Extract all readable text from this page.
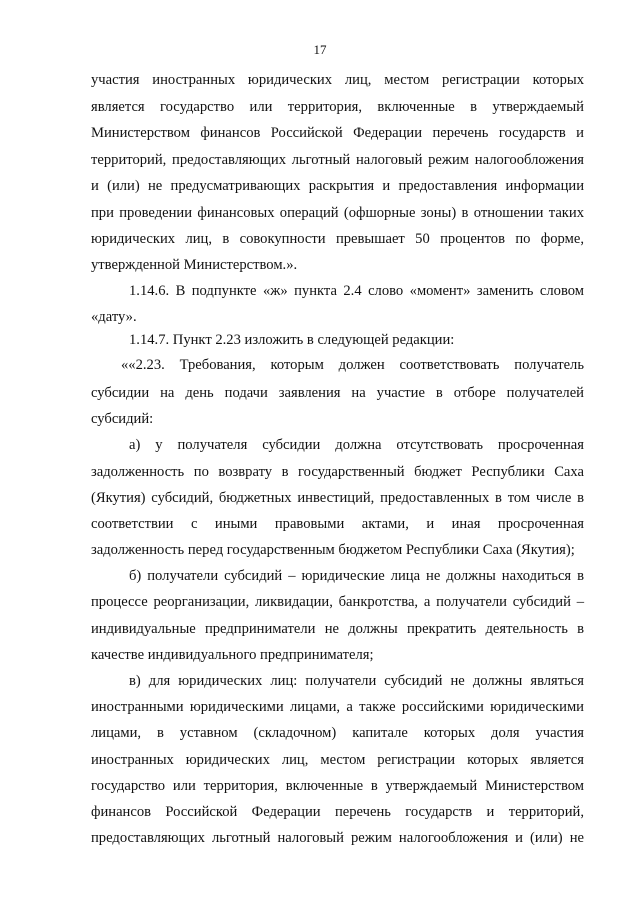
17
участия иностранных юридических лиц, местом регистрации которых
является государство или территория, включенные в утверждаемый
Министерством финансов Российской Федерации перечень государств и
территорий, предоставляющих льготный налоговый режим налогообложения
и (или) не предусматривающих раскрытия и предоставления информации
при проведении финансовых операций (офшорные зоны) в отношении таких
юридических лиц, в совокупности превышает 50 процентов по форме,
утвержденной Министерством.».
1.14.6. В подпункте «ж» пункта 2.4 слово «момент» заменить словом
«дату».
1.14.7. Пункт 2.23 изложить в следующей редакции:
««2.23. Требования, которым должен соответствовать получатель
субсидии на день подачи заявления на участие в отборе получателей
субсидий:
а) у получателя субсидии должна отсутствовать просроченная
задолженность по возврату в государственный бюджет Республики Саха
(Якутия) субсидий, бюджетных инвестиций, предоставленных в том числе в
соответствии с иными правовыми актами, и иная просроченная
задолженность перед государственным бюджетом Республики Саха (Якутия);
б) получатели субсидий – юридические лица не должны находиться в
процессе реорганизации, ликвидации, банкротства, а получатели субсидий –
индивидуальные предприниматели не должны прекратить деятельность в
качестве индивидуального предпринимателя;
в) для юридических лиц: получатели субсидий не должны являться
иностранными юридическими лицами, а также российскими юридическими
лицами, в уставном (складочном) капитале которых доля участия
иностранных юридических лиц, местом регистрации которых является
государство или территория, включенные в утверждаемый Министерством
финансов Российской Федерации перечень государств и территорий,
предоставляющих льготный налоговый режим налогообложения и (или) не
